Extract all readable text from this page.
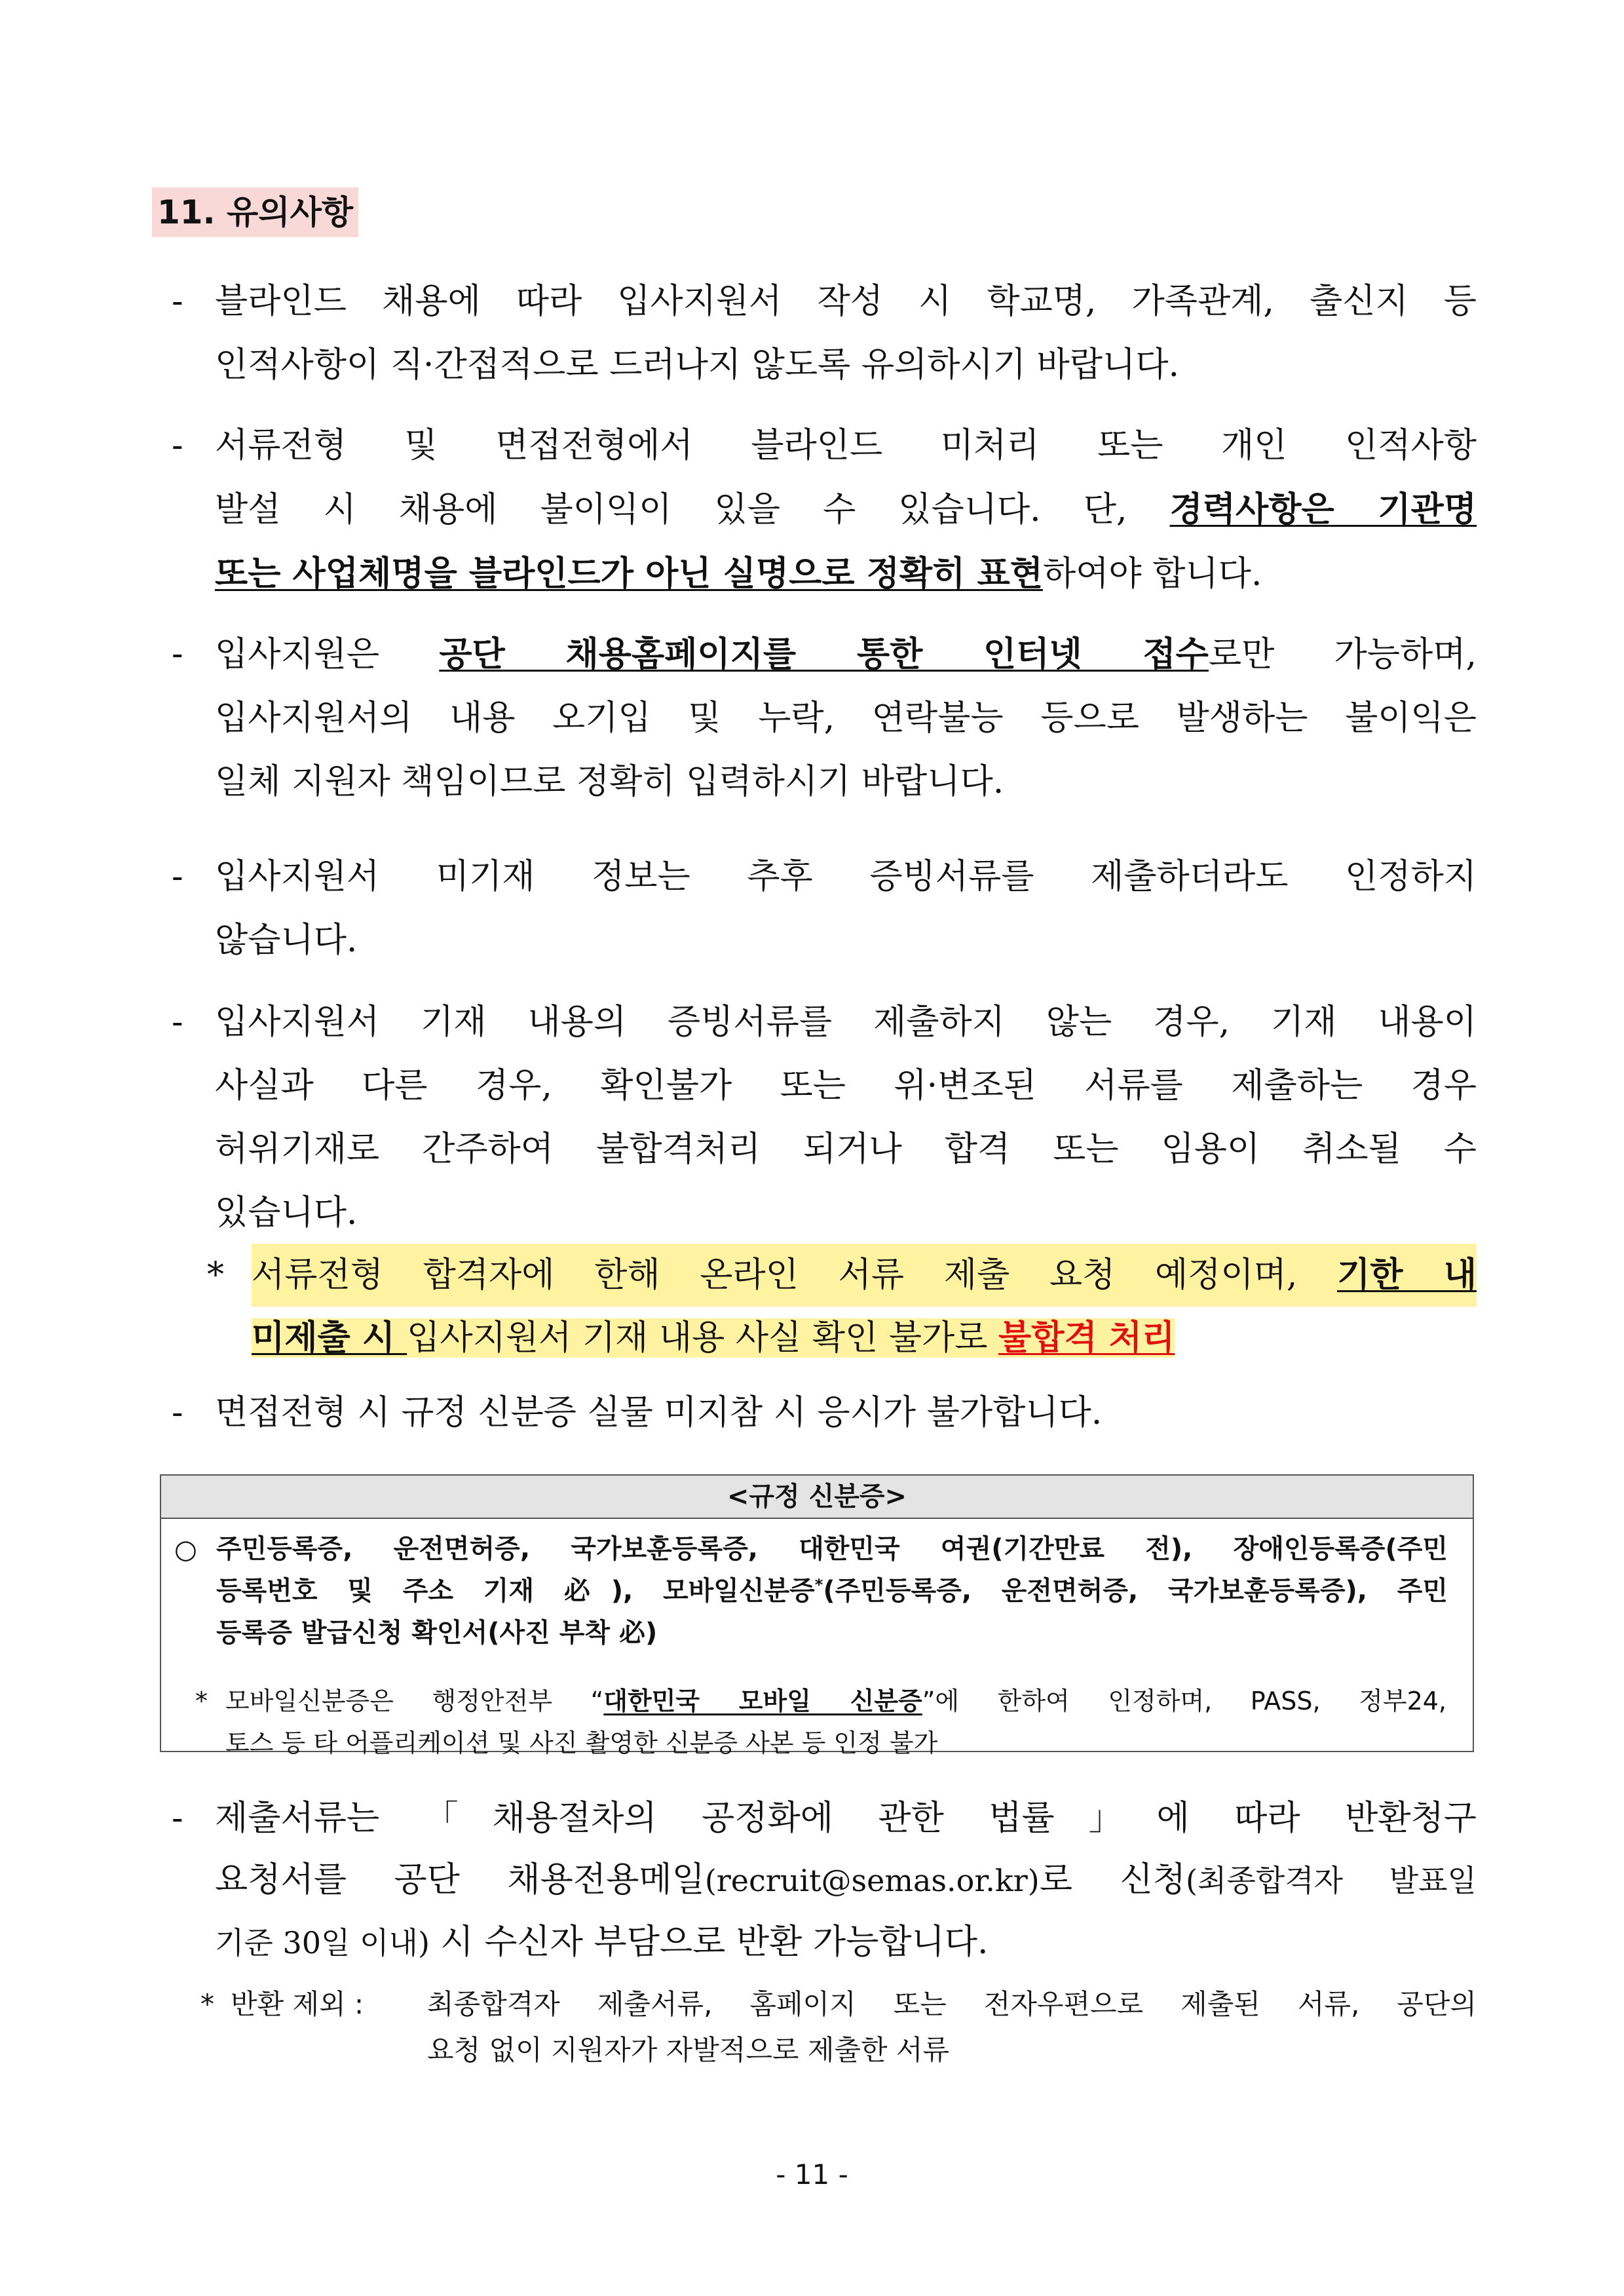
11. 유의사항
- 블라인드 채용에 따라 입사지원서 작성 시 학교명, 가족관계, 출신지 등
인적사항이 직·간접적으로 드러나지 않도록 유의하시기 바랍니다.
- 서류전형 및 면접전형에서 블라인드 미처리 또는 개인 인적사항
발설 시 채용에 불이익이 있을 수 있습니다. 단, 경력사항은 기관명
또는 사업체명을 블라인드가 아닌 실명으로 정확히 표현하여야 합니다.
- 입사지원은 공단 채용홈페이지를 통한 인터넷 접수로만 가능하며,
입사지원서의 내용 오기입 및 누락, 연락불능 등으로 발생하는 불이익은
일체 지원자 책임이므로 정확히 입력하시기 바랍니다.
- 입사지원서 미기재 정보는 추후 증빙서류를 제출하더라도 인정하지
않습니다.
- 입사지원서 기재 내용의 증빙서류를 제출하지 않는 경우, 기재 내용이
사실과 다른 경우, 확인불가 또는 위·변조된 서류를 제출하는 경우
허위기재로 간주하여 불합격처리 되거나 합격 또는 임용이 취소될 수
있습니다.
* 서류전형 합격자에 한해 온라인 서류 제출 요청 예정이며, 기한 내
미제출 시 입사지원서 기재 내용 사실 확인 불가로 불합격 처리
- 면접전형 시 규정 신분증 실물 미지참 시 응시가 불가합니다.
<규정 신분증>
○ 주민등록증, 운전면허증, 국가보훈등록증, 대한민국 여권(기간만료 전), 장애인등록증(주민
등록번호 및 주소 기재 必), 모바일신분증*(주민등록증, 운전면허증, 국가보훈등록증), 주민
등록증 발급신청 확인서(사진 부착 必)
* 모바일신분증은 행정안전부 “대한민국 모바일 신분증”에 한하여 인정하며, PASS, 정부24,
토스 등 타 어플리케이션 및 사진 촬영한 신분증 사본 등 인정 불가
- 제출서류는 「채용절차의 공정화에 관한 법률」에 따라 반환청구
요청서를 공단 채용전용메일(recruit@semas.or.kr)로 신청(최종합격자 발표일
기준 30일 이내) 시 수신자 부담으로 반환 가능합니다.
* 반환 제외 : 최종합격자 제출서류, 홈페이지 또는 전자우편으로 제출된 서류, 공단의
요청 없이 지원자가 자발적으로 제출한 서류
- 11 -
